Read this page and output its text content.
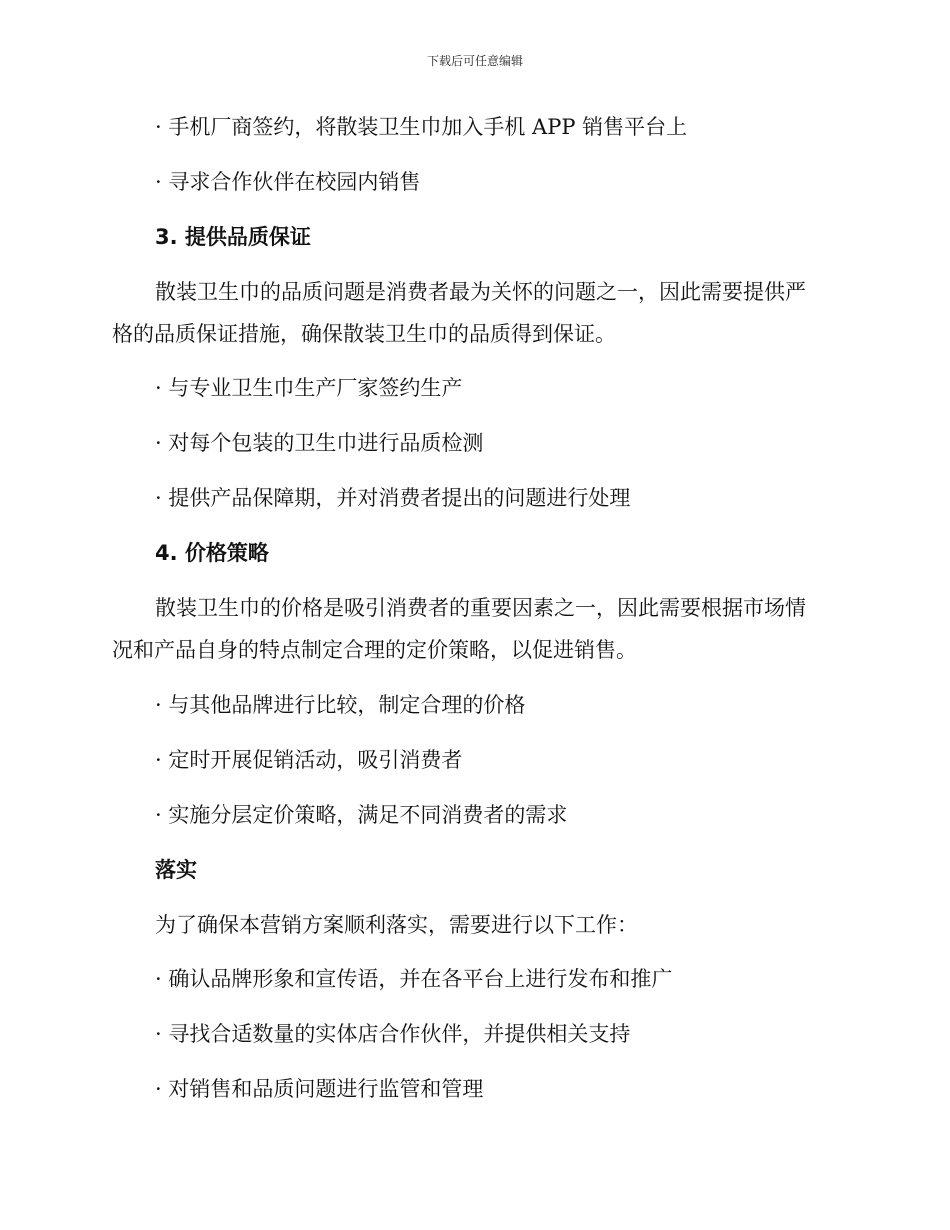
下载后可任意编辑
· 手机厂商签约，将散装卫生巾加入手机 APP 销售平台上
· 寻求合作伙伴在校园内销售
3. 提供品质保证
散装卫生巾的品质问题是消费者最为关怀的问题之一，因此需要提供严
格的品质保证措施，确保散装卫生巾的品质得到保证。
· 与专业卫生巾生产厂家签约生产
· 对每个包装的卫生巾进行品质检测
· 提供产品保障期，并对消费者提出的问题进行处理
4. 价格策略
散装卫生巾的价格是吸引消费者的重要因素之一，因此需要根据市场情
况和产品自身的特点制定合理的定价策略，以促进销售。
· 与其他品牌进行比较，制定合理的价格
· 定时开展促销活动，吸引消费者
· 实施分层定价策略，满足不同消费者的需求
落实
为了确保本营销方案顺利落实，需要进行以下工作：
· 确认品牌形象和宣传语，并在各平台上进行发布和推广
· 寻找合适数量的实体店合作伙伴，并提供相关支持
· 对销售和品质问题进行监管和管理
